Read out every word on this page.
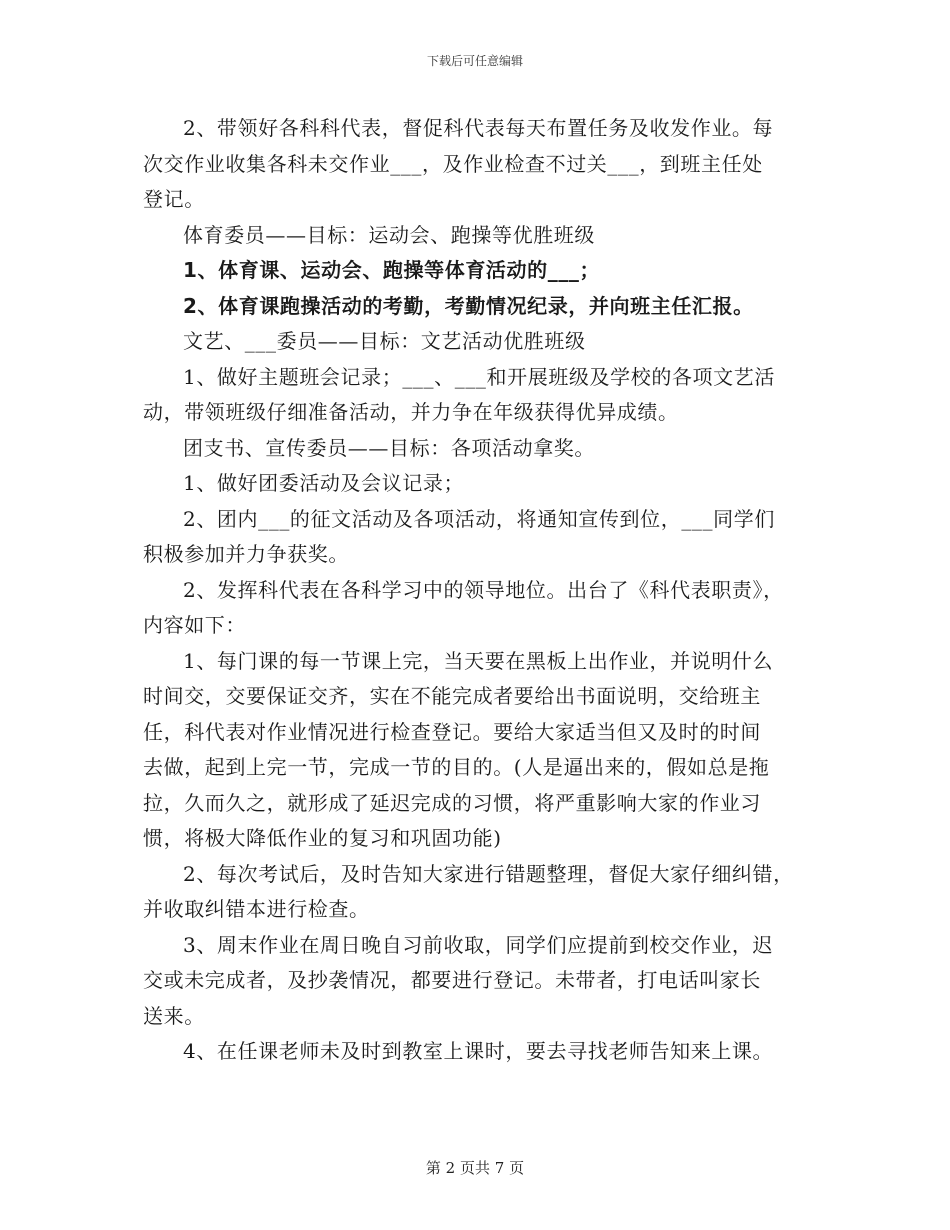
下载后可任意编辑
2、带领好各科科代表，督促科代表每天布置任务及收发作业。每
次交作业收集各科未交作业___，及作业检查不过关___，到班主任处
登记。
体育委员——目标：运动会、跑操等优胜班级
1、体育课、运动会、跑操等体育活动的___；
2、体育课跑操活动的考勤，考勤情况纪录，并向班主任汇报。
文艺、___委员——目标：文艺活动优胜班级
1、做好主题班会记录；___、___和开展班级及学校的各项文艺活
动，带领班级仔细准备活动，并力争在年级获得优异成绩。
团支书、宣传委员——目标：各项活动拿奖。
1、做好团委活动及会议记录；
2、团内___的征文活动及各项活动，将通知宣传到位，___同学们
积极参加并力争获奖。
2、发挥科代表在各科学习中的领导地位。出台了《科代表职责》，
内容如下：
1、每门课的每一节课上完，当天要在黑板上出作业，并说明什么
时间交，交要保证交齐，实在不能完成者要给出书面说明，交给班主
任，科代表对作业情况进行检查登记。要给大家适当但又及时的时间
去做，起到上完一节，完成一节的目的。(人是逼出来的，假如总是拖
拉，久而久之，就形成了延迟完成的习惯，将严重影响大家的作业习
惯，将极大降低作业的复习和巩固功能)
2、每次考试后，及时告知大家进行错题整理，督促大家仔细纠错，
并收取纠错本进行检查。
3、周末作业在周日晚自习前收取，同学们应提前到校交作业，迟
交或未完成者，及抄袭情况，都要进行登记。未带者，打电话叫家长
送来。
4、在任课老师未及时到教室上课时，要去寻找老师告知来上课。
第 2 页共 7 页
